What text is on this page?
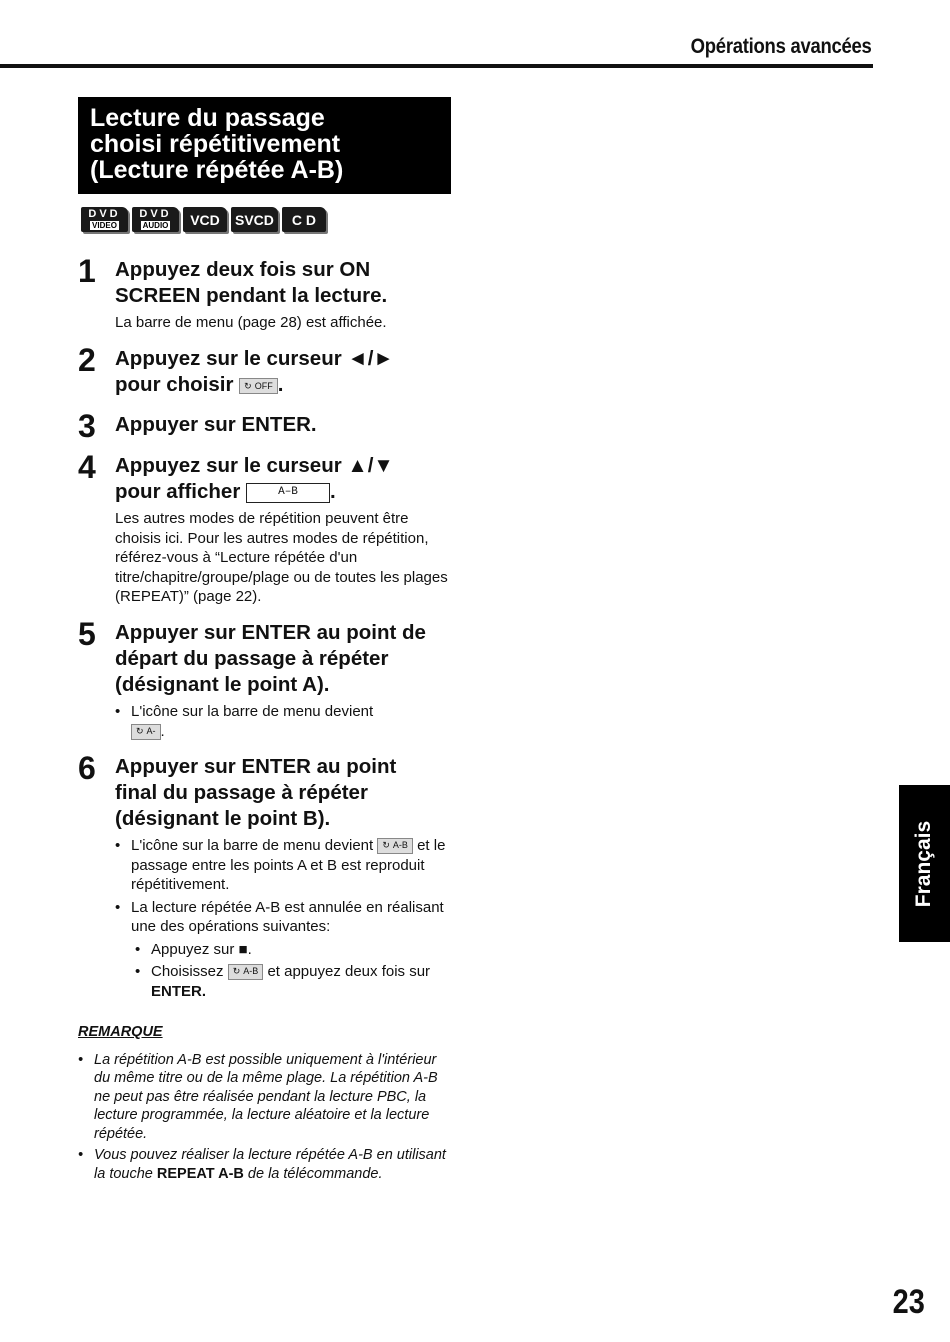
Opérations avancées
Lecture du passage
choisi répétitivement
(Lecture répétée A-B)
DVD
VIDEO
DVD
AUDIO	VCD	SVCD	C D
1 Appuyez deux fois sur ON
SCREEN pendant la lecture.
La barre de menu (page 28) est affichée.
2 Appuyez sur le curseur ◄/►
pour choisir ↻ OFF .
3 Appuyer sur ENTER.
4 Appuyez sur le curseur ▲/▼
pour afficher	A–B .
Les autres modes de répétition peuvent être choisis ici. Pour les autres modes de répétition, référez-vous à “Lecture répétée d'un titre/chapitre/groupe/plage ou de toutes les plages (REPEAT)” (page 22).
5 Appuyer sur ENTER au point de
départ du passage à répéter
(désignant le point A).
• L'icône sur la barre de menu devient

↻ A- .
6 Appuyer sur ENTER au point
final du passage à répéter
(désignant le point B).
• L'icône sur la barre de menu devient ↻ A-B et le passage entre les points A et B est reproduit répétitivement.
• La lecture répétée A-B est annulée en réalisant une des opérations suivantes:
• Appuyez sur ■.
• Choisissez ↻ A-B et appuyez deux fois sur ENTER.
REMARQUE
• La répétition A-B est possible uniquement à l'intérieur du même titre ou de la même plage. La répétition A-B ne peut pas être réalisée pendant la lecture PBC, la lecture programmée, la lecture aléatoire et la lecture répétée.
• Vous pouvez réaliser la lecture répétée A-B en utilisant la touche REPEAT A-B de la télécommande.
Français
23
